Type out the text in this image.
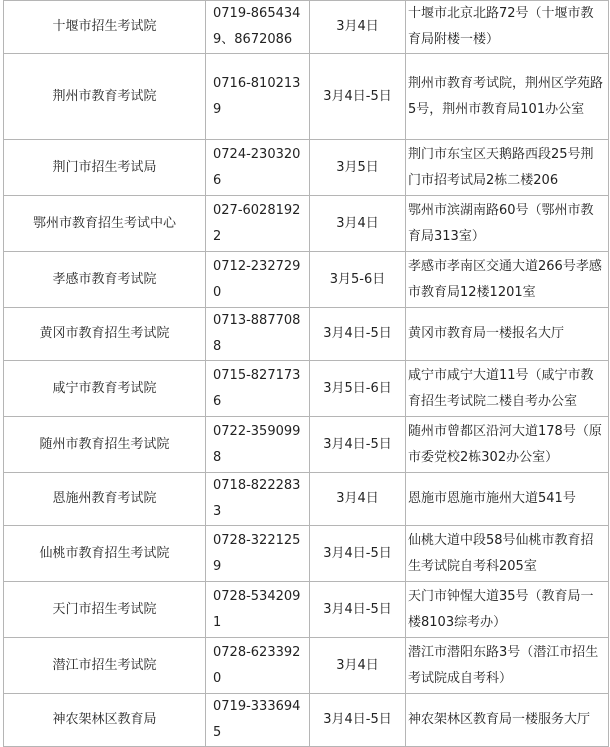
十堰市招生考试院	0719-8654349、8672086	3月4日	十堰市北京北路72号（十堰市教育局附楼一楼）
荆州市教育考试院	0716-8102139	3月4日-5日	荆州市教育考试院，荆州区学苑路5号，荆州市教育局101办公室
荆门市招生考试局	0724-2303206	3月5日	荆门市东宝区天鹅路西段25号荆门市招考试局2栋二楼206
鄂州市教育招生考试中心	027-60281922	3月4日	鄂州市滨湖南路60号（鄂州市教育局313室）
孝感市教育考试院	0712-2327290	3月5-6日	孝感市孝南区交通大道266号孝感市教育局12楼1201室
黄冈市教育招生考试院	0713-8877088	3月4日-5日	黄冈市教育局一楼报名大厅
咸宁市教育考试院	0715-8271736	3月5日-6日	咸宁市咸宁大道11号（咸宁市教育招生考试院二楼自考办公室
随州市教育招生考试院	0722-3590998	3月4日-5日	随州市曾都区沿河大道178号（原市委党校2栋302办公室）
恩施州教育考试院	0718-8222833	3月4日	恩施市恩施市施州大道541号
仙桃市教育招生考试院	0728-3221259	3月4日-5日	仙桃大道中段58号仙桃市教育招生考试院自考科205室
天门市招生考试院	0728-5342091	3月4日-5日	天门市钟惺大道35号（教育局一楼8103综考办）
潜江市招生考试院	0728-6233920	3月4日	潜江市潜阳东路3号（潜江市招生考试院成自考科）
神农架林区教育局	0719-3336945	3月4日-5日	神农架林区教育局一楼服务大厅
